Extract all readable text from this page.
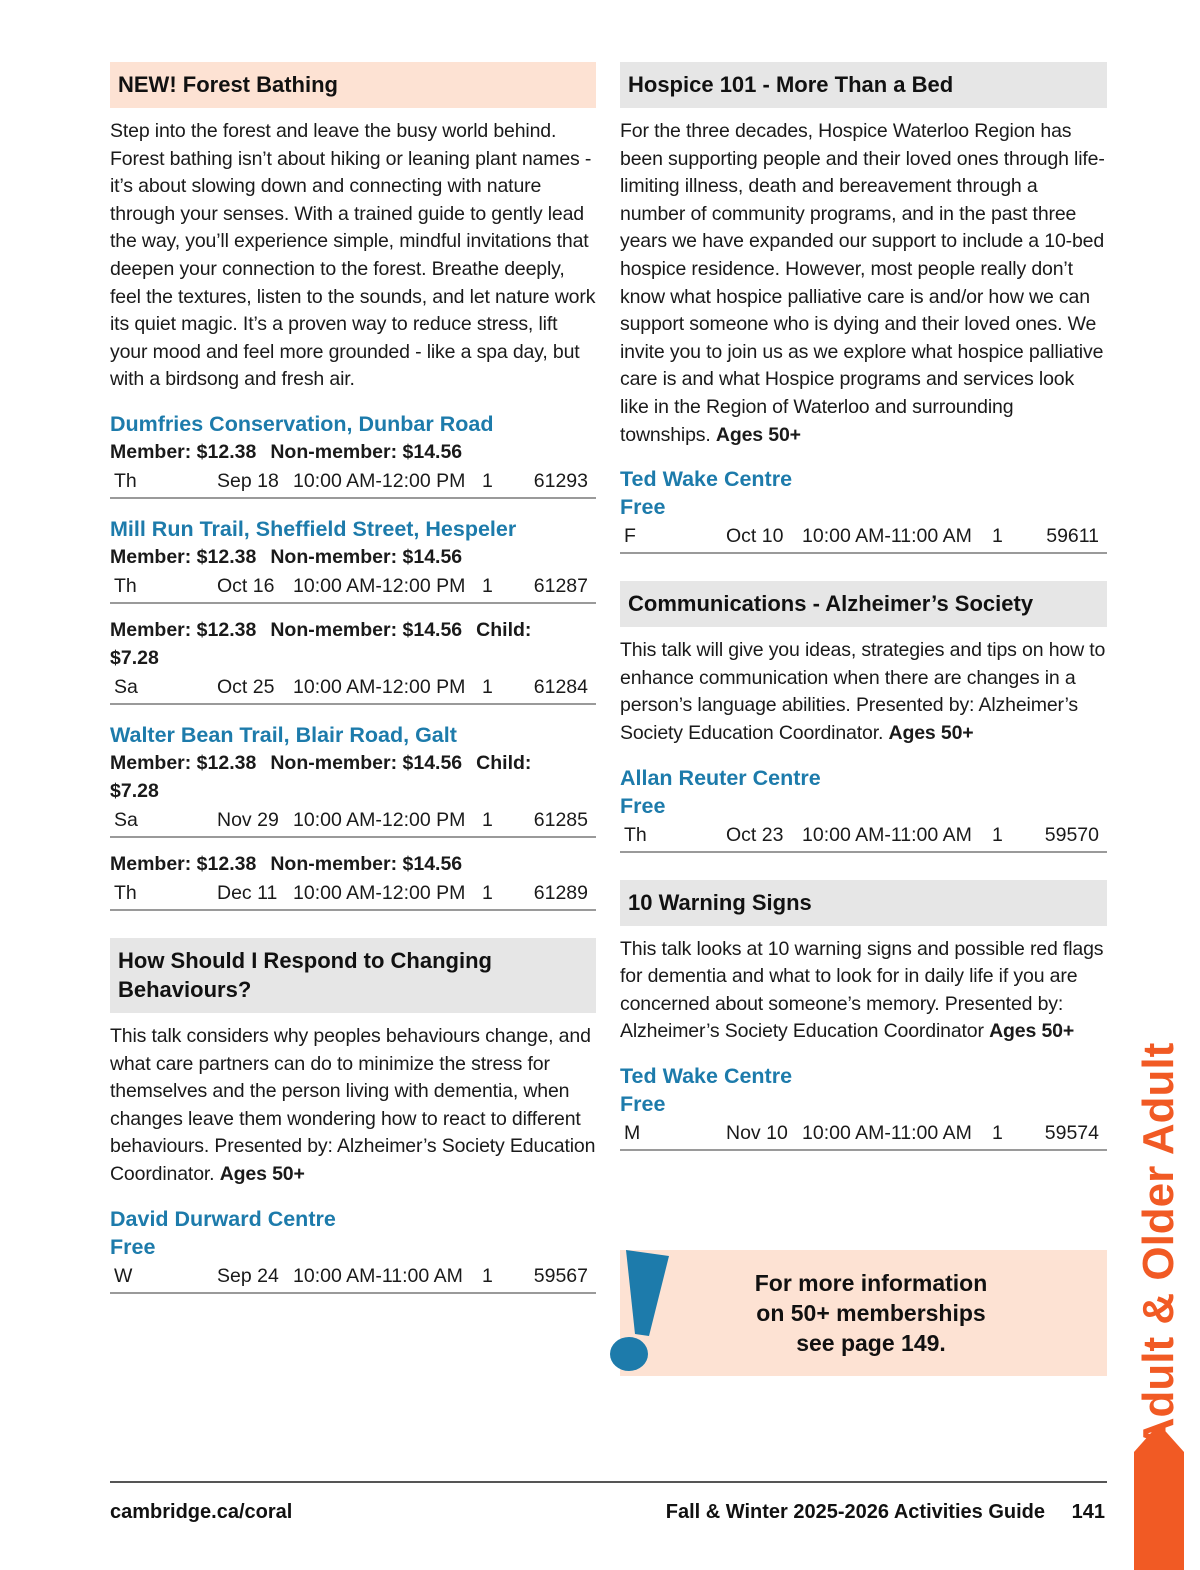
NEW! Forest Bathing
Step into the forest and leave the busy world behind. Forest bathing isn’t about hiking or leaning plant names - it’s about slowing down and connecting with nature through your senses. With a trained guide to gently lead the way, you’ll experience simple, mindful invitations that deepen your connection to the forest. Breathe deeply, feel the textures, listen to the sounds, and let nature work its quiet magic. It’s a proven way to reduce stress, lift your mood and feel more grounded - like a spa day, but with a birdsong and fresh air.
Dumfries Conservation, Dunbar Road
Member: $12.38 Non-member: $14.56
Th	Sep 18 10:00 AM-12:00 PM 1 61293
Mill Run Trail, Sheffield Street, Hespeler
Member: $12.38 Non-member: $14.56
Th	Oct 16 10:00 AM-12:00 PM 1 61287
Member: $12.38 Non-member: $14.56 Child: $7.28
Sa	Oct 25 10:00 AM-12:00 PM 1 61284
Walter Bean Trail, Blair Road, Galt
Member: $12.38 Non-member: $14.56 Child: $7.28
Sa	Nov 29 10:00 AM-12:00 PM 1 61285
Member: $12.38 Non-member: $14.56
Th	Dec 11 10:00 AM-12:00 PM 1 61289
How Should I Respond to Changing Behaviours?
This talk considers why peoples behaviours change, and what care partners can do to minimize the stress for themselves and the person living with dementia, when changes leave them wondering how to react to different behaviours. Presented by: Alzheimer’s Society Education Coordinator. Ages 50+
David Durward Centre
Free
W	Sep 24 10:00 AM-11:00 AM 1 59567
Hospice 101 - More Than a Bed
For the three decades, Hospice Waterloo Region has been supporting people and their loved ones through life-limiting illness, death and bereavement through a number of community programs, and in the past three years we have expanded our support to include a 10-bed hospice residence. However, most people really don’t know what hospice palliative care is and/or how we can support someone who is dying and their loved ones. We invite you to join us as we explore what hospice palliative care is and what Hospice programs and services look like in the Region of Waterloo and surrounding townships. Ages 50+
Ted Wake Centre
Free
F	Oct 10 10:00 AM-11:00 AM 1 59611
Communications - Alzheimer’s Society
This talk will give you ideas, strategies and tips on how to enhance communication when there are changes in a person’s language abilities. Presented by: Alzheimer’s Society Education Coordinator. Ages 50+
Allan Reuter Centre
Free
Th	Oct 23 10:00 AM-11:00 AM 1 59570
10 Warning Signs
This talk looks at 10 warning signs and possible red flags for dementia and what to look for in daily life if you are concerned about someone’s memory. Presented by: Alzheimer’s Society Education Coordinator Ages 50+
Ted Wake Centre
Free
M	Nov 10 10:00 AM-11:00 AM 1 59574
For more information
on 50+ memberships
see page 149.	Adult & Older Adult
cambridge.ca/coral	Fall & Winter 2025-2026 Activities Guide 141
